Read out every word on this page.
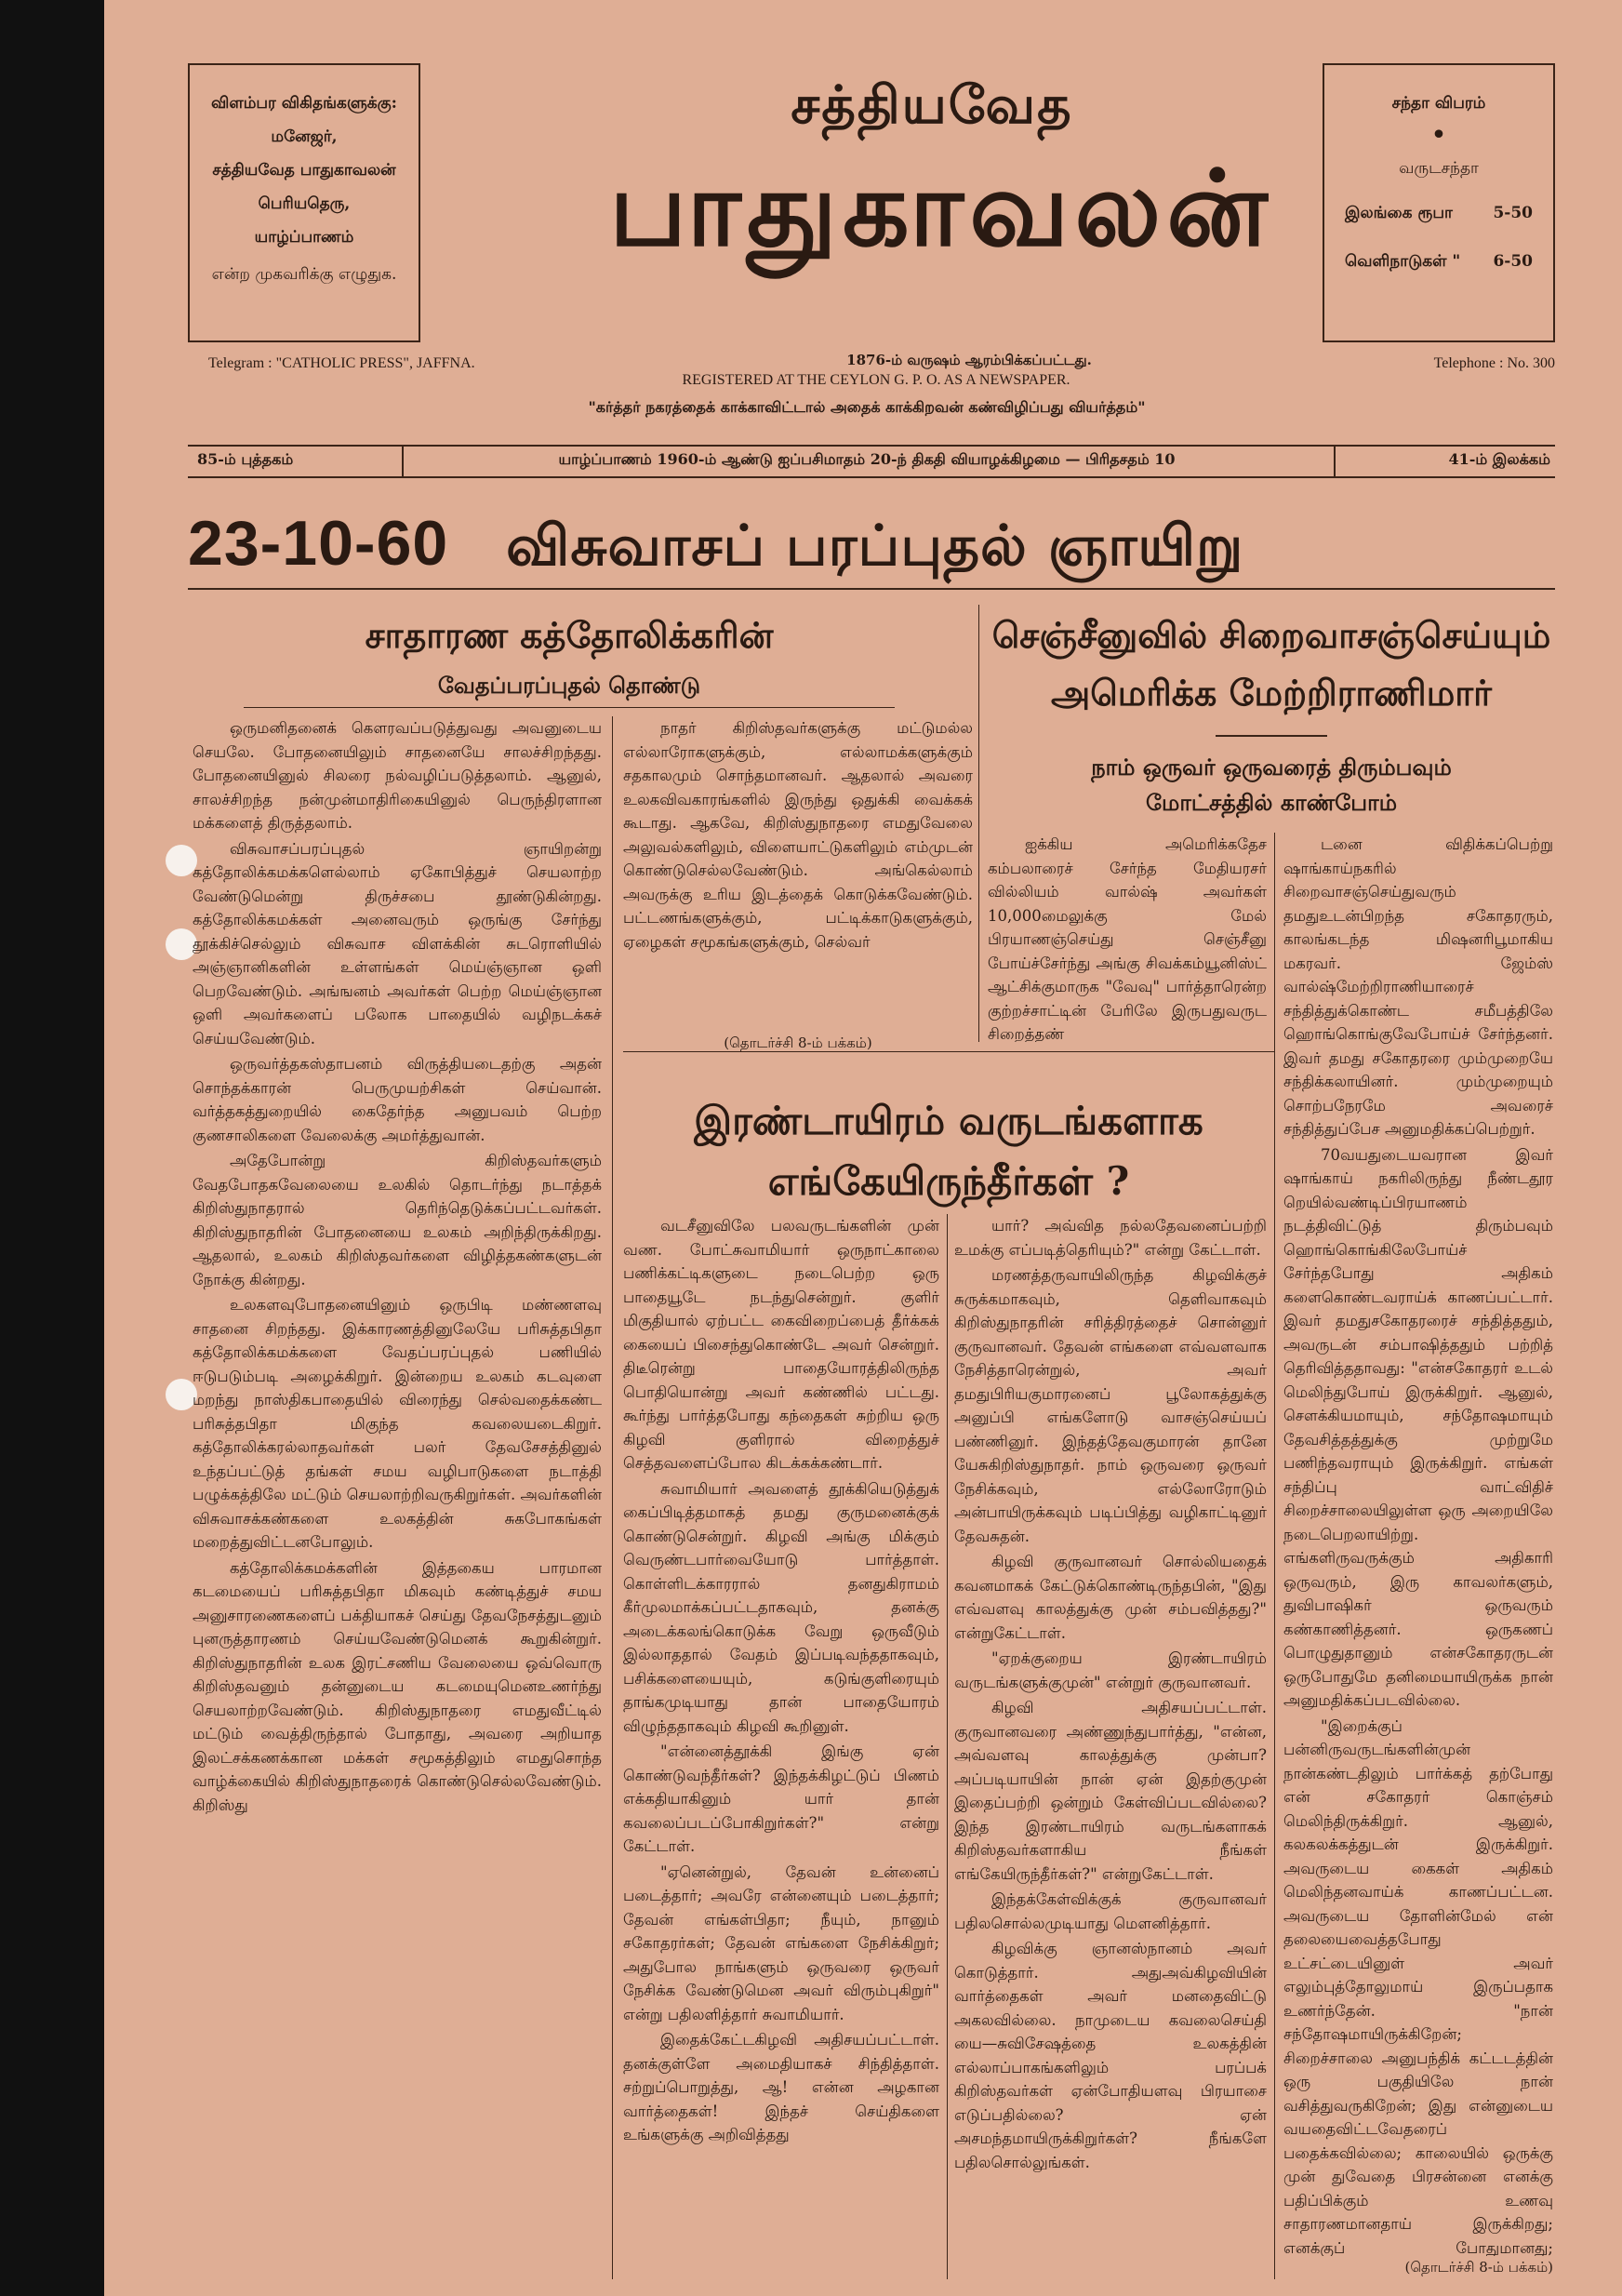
விளம்பர விகிதங்களுக்கு:
மனேஜர்,
சத்தியவேத பாதுகாவலன்
பெரியதெரு,
யாழ்ப்பாணம்
என்ற முகவரிக்கு எழுதுக.
சத்தியவேத
பாதுகாவலன்
சந்தா விபரம்
•
வருடசந்தா
இலங்கை ரூபா	5-50
வெளிநாடுகள் " 6-50
Telegram : "CATHOLIC PRESS", JAFFNA.	1876-ம் வருஷம் ஆரம்பிக்கப்பட்டது.
REGISTERED AT THE CEYLON G. P. O. AS A NEWSPAPER.
Telephone : No. 300
"கர்த்தர் நகரத்தைக் காக்காவிட்டால் அதைக் காக்கிறவன் கண்விழிப்பது வியர்த்தம்"
85-ம் புத்தகம்	யாழ்ப்பாணம் 1960-ம் ஆண்டு ஐப்பசிமாதம் 20-ந் திகதி வியாழக்கிழமை — பிரிதசதம் 10	41-ம் இலக்கம்
23-10-60 விசுவாசப் பரப்புதல் ஞாயிறு
சாதாரண கத்தோலிக்கரின்
வேதப்பரப்புதல் தொண்டு

ஒருமனிதனைக் கௌரவப்படுத்துவது அவனுடைய செயலே. போதனையிலும் சாதனையே சாலச்சிறந்தது. போதனையினுல் சிலரை நல்வழிப்படுத்தலாம். ஆனுல், சாலச்சிறந்த நன்முன்மாதிரிகையினுல் பெருந்திரளான மக்களைத் திருத்தலாம்.

விசுவாசப்பரப்புதல் ஞாயிறன்று கத்தோலிக்கமக்களெல்லாம் ஏகோபித்துச் செயலாற்ற வேண்டுமென்று திருச்சபை தூண்டுகின்றது. கத்தோலிக்கமக்கள் அனைவரும் ஒருங்கு சேர்ந்து தூக்கிச்செல்லும் விசுவாச விளக்கின் சுடரொளியில் அஞ்ஞானிகளின் உள்ளங்கள் மெய்ஞ்ஞான ஒளி பெறவேண்டும். அங்ஙனம் அவர்கள் பெற்ற மெய்ஞ்ஞான ஒளி அவர்களைப் பலோக பாதையில் வழிநடக்கச் செய்யவேண்டும்.

ஒருவர்த்தகஸ்தாபனம் விருத்தியடைதற்கு அதன் சொந்தக்காரன் பெருமுயற்சிகள் செய்வான். வர்த்தகத்துறையில் கைதேர்ந்த அனுபவம் பெற்ற குணசாலிகளை வேலைக்கு அமர்த்துவான்.

அதேபோன்று கிறிஸ்தவர்களும் வேதபோதகவேலையை உலகில் தொடர்ந்து நடாத்தக் கிறிஸ்துநாதரால் தெரிந்தெடுக்கப்பட்டவர்கள். கிறிஸ்துநாதரின் போதனையை உலகம் அறிந்திருக்கிறது. ஆதலால், உலகம் கிறிஸ்தவர்களை விழித்தகண்களுடன் நோக்கு கின்றது.

உலகளவுபோதனையினும் ஒருபிடி மண்ணளவு சாதனை சிறந்தது. இக்காரணத்தினுலேயே பரிசுத்தபிதா கத்தோலிக்கமக்களை வேதப்பரப்புதல் பணியில் ஈடுபடும்படி அழைக்கிறுர். இன்றைய உலகம் கடவுளை மறந்து நாஸ்திகபாதையில் விரைந்து செல்வதைக்கண்ட பரிசுத்தபிதா மிகுந்த கவலையடைகிறுர். கத்தோலிக்கரல்லாதவர்கள் பலர் தேவசேசத்தினுல் உந்தப்பட்டுத் தங்கள் சமய வழிபாடுகளை நடாத்தி பழுக்கத்திலே மட்டும் செயலாற்றிவருகிறுர்கள். அவர்களின் விசுவாசக்கண்களை உலகத்தின் சுகபோகங்கள் மறைத்துவிட்டனபோலும்.

கத்தோலிக்கமக்களின் இத்தகைய பாரமான கடமையைப் பரிசுத்தபிதா மிகவும் கண்டித்துச் சமய அனுசாரணைகளைப் பக்தியாகச் செய்து தேவநேசத்துடனும் புனருத்தாரணம் செய்யவேண்டுமெனக் கூறுகின்றுர். கிறிஸ்துநாதரின் உலக இரட்சணிய வேலையை ஒவ்வொரு கிறிஸ்தவனும் தன்னுடைய கடமையுமெனஉணர்ந்து செயலாற்றவேண்டும். கிறிஸ்துநாதரை எமதுவீட்டில் மட்டும் வைத்திருந்தால் போதாது, அவரை அறியாத இலட்சக்கணக்கான மக்கள் சமூகத்திலும் எமதுசொந்த வாழ்க்கையில் கிறிஸ்துநாதரைக் கொண்டுசெல்லவேண்டும். கிறிஸ்து

நாதர் கிறிஸ்தவர்களுக்கு மட்டுமல்ல எல்லாரோகளுக்கும், எல்லாமக்களுக்கும் சதகாலமும் சொந்தமானவர். ஆதலால் அவரை உலகவிவகாரங்களில் இருந்து ஒதுக்கி வைக்கக் கூடாது. ஆகவே, கிறிஸ்துநாதரை எமதுவேலை அலுவல்களிலும், விளையாட்டுகளிலும் எம்முடன் கொண்டுசெல்லவேண்டும். அங்கெல்லாம் அவருக்கு உரிய இடத்தைக் கொடுக்கவேண்டும். பட்டணங்களுக்கும், பட்டிக்காடுகளுக்கும், ஏழைகள் சமூகங்களுக்கும், செல்வர்

(தொடர்ச்சி 8-ம் பக்கம்)
செஞ்சீனுவில் சிறைவாசஞ்செய்யும்
அமெரிக்க மேற்றிராணிமார்
நாம் ஒருவர் ஒருவரைத் திரும்பவும்
மோட்சத்தில் காண்போம்

ஐக்கிய அமெரிக்கதேச கம்பலாரைச் சேர்ந்த மேதியரசர் வில்லியம் வால்ஷ் அவர்கள் 10,000மைலுக்கு மேல் பிரயாணஞ்செய்து செஞ்சீனு போய்ச்சேர்ந்து அங்கு சிவக்கம்யூனிஸ்ட் ஆட்சிக்குமாருக "வேவு" பார்த்தாரென்ற குற்றச்சாட்டின் பேரிலே இருபதுவருட சிறைத்தண்

டனை விதிக்கப்பெற்று ஷாங்காய்நகரில் சிறைவாசஞ்செய்துவரும் தமதுஉடன்பிறந்த சகோதரரும், காலங்கடந்த மிஷனரிபூமாகிய மகரவர். ஜேம்ஸ் வால்ஷ்மேற்றிராணியாரைச் சந்தித்துக்கொண்ட சமீபத்திலே ஹொங்கொங்குவேபோய்ச் சேர்ந்தனர். இவர் தமது சகோதரரை மும்முறையே சந்திக்கலாயினர். மும்முறையும் சொற்பநேரமே அவரைச் சந்தித்துப்பேச அனுமதிக்கப்பெற்றுர்.

70வயதுடையவரான இவர் ஷாங்காய் நகரிலிருந்து நீண்டதூர றெயில்வண்டிப்பிரயாணம் நடத்திவிட்டுத் திரும்பவும் ஹொங்கொங்கிலேபோய்ச் சேர்ந்தபோது அதிகம் களைகொண்டவராய்க் காணப்பட்டார். இவர் தமதுசகோதரரைச் சந்தித்ததும், அவருடன் சம்பாஷித்ததும் பற்றித் தெரிவித்ததாவது: "என்சகோதரர் உடல் மெலிந்துபோய் இருக்கிறுர். ஆனுல், சௌக்கியமாயும், சந்தோஷமாயும் தேவசித்தத்துக்கு முற்றுமே பணிந்தவராயும் இருக்கிறுர். எங்கள் சந்திப்பு வாட்விதிச் சிறைச்சாலையிலுள்ள ஒரு அறையிலே நடைபெறலாயிற்று. எங்களிருவருக்கும் அதிகாரி ஒருவரும், இரு காவலர்களும், துவிபாஷிகர் ஒருவரும் கண்காணித்தனர். ஒருகணப் பொழுதுதானும் என்சகோதரருடன் ஒருபோதுமே தனிமையாயிருக்க நான் அனுமதிக்கப்படவில்லை.

"இறைக்குப் பன்னிருவருடங்களின்முன் நான்கண்டதிலும் பார்க்கத் தற்போது என் சகோதரர் கொஞ்சம் மெலிந்திருக்கிறுர். ஆனுல், கலகலக்கத்துடன் இருக்கிறுர். அவருடைய கைகள் அதிகம் மெலிந்தனவாய்க் காணப்பட்டன. அவருடைய தோளின்மேல் என் தலையைவைத்தபோது உட்சட்டையினுள் அவர் எலும்புத்தோலுமாய் இருப்பதாக உணர்ந்தேன். "நான் சந்தோஷமாயிருக்கிறேன்; சிறைச்சாலை அனுபந்திக் கட்டடத்தின் ஒரு பகுதியிலே நான் வசித்துவருகிறேன்; இது என்னுடைய வயதைவிட்டவேதரைப் பதைக்கவில்லை; காலையில் ஒருக்கு முன் துவேதை பிரசன்னை எனக்கு பதிப்பிக்கும் உணவு சாதாரணமானதாய் இருக்கிறது; எனக்குப் போதுமானது;

(தொடர்ச்சி 8-ம் பக்கம்)
இரண்டாயிரம் வருடங்களாக
எங்கேயிருந்தீர்கள் ?

வடசீனுவிலே பலவருடங்களின் முன் வண. போட்சுவாமியார் ஒருநாட்காலை பணிக்கட்டிகளுடை நடைபெற்ற ஒரு பாதையூடே நடந்துசென்றுர். குளிர் மிகுதியால் ஏற்பட்ட கைவிறைப்பைத் தீர்க்கக் கையைப் பிசைந்துகொண்டே அவர் சென்றுர். திடீரென்று பாதையோரத்திலிருந்த பொதியொன்று அவர் கண்ணில் பட்டது. கூர்ந்து பார்த்தபோது கந்தைகள் சுற்றிய ஒரு கிழவி குளிரால் விறைத்துச் செத்தவளைப்போல கிடக்கக்கண்டார்.

சுவாமியார் அவளைத் தூக்கியெடுத்துக் கைப்பிடித்தமாகத் தமது குருமனைக்குக் கொண்டுசென்றுர். கிழவி அங்கு மிக்கும் வெருண்டபார்வையோடு பார்த்தாள். கொள்ளிடக்காரரால் தனதுகிராமம் கீர்முலமாக்கப்பட்டதாகவும், தனக்கு அடைக்கலங்கொடுக்க வேறு ஒருவீடும் இல்லாததால் வேதம் இப்படிவந்ததாகவும், பசிக்களையையும், கடுங்குளிரையும் தாங்கமுடியாது தான் பாதையோரம் விழுந்ததாகவும் கிழவி கூறினுள்.

"என்னைத்தூக்கி இங்கு ஏன் கொண்டுவந்தீர்கள்? இந்தக்கிழட்டுப் பிணம் எக்கதியாகினும் யார் தான் கவலைப்படப்போகிறுர்கள்?" என்று கேட்டாள்.

"ஏனென்றுல், தேவன் உன்னைப் படைத்தார்; அவரே என்னையும் படைத்தார்; தேவன் எங்கள்பிதா; நீயும், நானும் சகோதரர்கள்; தேவன் எங்களை நேசிக்கிறுர்; அதுபோல நாங்களும் ஒருவரை ஒருவர் நேசிக்க வேண்டுமென அவர் விரும்புகிறுர்" என்று பதிலளித்தார் சுவாமியார்.

இதைக்கேட்டகிழவி அதிசயப்பட்டாள். தனக்குள்ளே அமைதியாகச் சிந்தித்தாள். சற்றுப்பொறுத்து, ஆ! என்ன அழகான வார்த்தைகள்! இந்தச் செய்திகளை உங்களுக்கு அறிவித்தது

யார்? அவ்வித நல்லதேவனைப்பற்றி உமக்கு எப்படித்தெரியும்?" என்று கேட்டாள்.

மரணத்தருவாயிலிருந்த கிழவிக்குச் சுருக்கமாகவும், தெளிவாகவும் கிறிஸ்துநாதரின் சரித்திரத்தைச் சொன்னுர் குருவானவர். தேவன் எங்களை எவ்வளவாக நேசித்தாரென்றுல், அவர் தமதுபிரியகுமாரனைப் பூலோகத்துக்கு அனுப்பி எங்களோடு வாசஞ்செய்யப் பண்ணினுர். இந்தத்தேவகுமாரன் தானே யேசுகிறிஸ்துநாதர். நாம் ஒருவரை ஒருவர் நேசிக்கவும், எல்லோரோடும் அன்பாயிருக்கவும் படிப்பித்து வழிகாட்டினுர் தேவசுதன்.

கிழவி குருவானவர் சொல்லியதைக் கவனமாகக் கேட்டுக்கொண்டிருந்தபின், "இது எவ்வளவு காலத்துக்கு முன் சம்பவித்தது?" என்றுகேட்டாள்.

"ஏறக்குறைய இரண்டாயிரம் வருடங்களுக்குமுன்" என்றுர் குருவானவர்.

கிழவி அதிசயப்பட்டாள். குருவானவரை அண்ணுந்துபார்த்து, "என்ன, அவ்வளவு காலத்துக்கு முன்பா? அப்படியாயின் நான் ஏன் இதற்குமுன் இதைப்பற்றி ஒன்றும் கேள்விப்படவில்லை? இந்த இரண்டாயிரம் வருடங்களாகக் கிறிஸ்தவர்களாகிய நீங்கள் எங்கேயிருந்தீர்கள்?" என்றுகேட்டாள்.

இந்தக்கேள்விக்குக் குருவானவர் பதிலசொல்லமுடியாது மௌனித்தார்.

கிழவிக்கு ஞானஸ்நானம் அவர் கொடுத்தார். அதுஅவ்கிழவியின் வார்த்தைகள் அவர் மனதைவிட்டு அகலவில்லை. நாமுடைய கவலைசெய்தி யை—சுவிசேஷத்தை உலகத்தின் எல்லாப்பாகங்களிலும் பரப்பக் கிறிஸ்தவர்கள் ஏன்போதியளவு பிரயாசை எடுப்பதில்லை? ஏன் அசமந்தமாயிருக்கிறுர்கள்? நீங்களே பதிலசொல்லுங்கள்.
